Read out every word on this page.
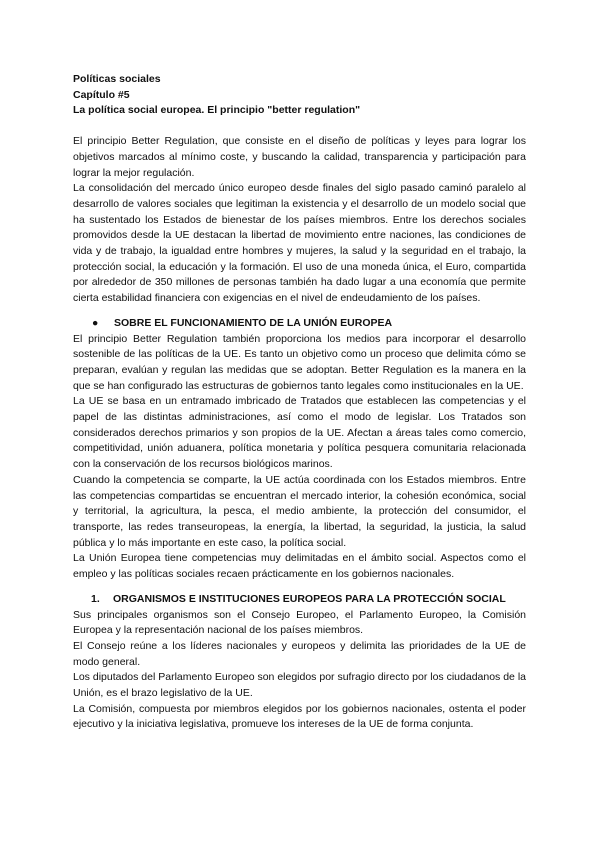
Políticas sociales
Capítulo #5
La política social europea. El principio "better regulation"

El principio Better Regulation, que consiste en el diseño de políticas y leyes para lograr los objetivos marcados al mínimo coste, y buscando la calidad, transparencia y participación para lograr la mejor regulación.

La consolidación del mercado único europeo desde finales del siglo pasado caminó paralelo al desarrollo de valores sociales que legitiman la existencia y el desarrollo de un modelo social que ha sustentado los Estados de bienestar de los países miembros. Entre los derechos sociales promovidos desde la UE destacan la libertad de movimiento entre naciones, las condiciones de vida y de trabajo, la igualdad entre hombres y mujeres, la salud y la seguridad en el trabajo, la protección social, la educación y la formación. El uso de una moneda única, el Euro, compartida por alrededor de 350 millones de personas también ha dado lugar a una economía que permite cierta estabilidad financiera con exigencias en el nivel de endeudamiento de los países.

●	SOBRE EL FUNCIONAMIENTO DE LA UNIÓN EUROPEA

El principio Better Regulation también proporciona los medios para incorporar el desarrollo sostenible de las políticas de la UE. Es tanto un objetivo como un proceso que delimita cómo se preparan, evalúan y regulan las medidas que se adoptan. Better Regulation es la manera en la que se han configurado las estructuras de gobiernos tanto legales como institucionales en la UE.

La UE se basa en un entramado imbricado de Tratados que establecen las competencias y el papel de las distintas administraciones, así como el modo de legislar. Los Tratados son considerados derechos primarios y son propios de la UE. Afectan a áreas tales como comercio, competitividad, unión aduanera, política monetaria y política pesquera comunitaria relacionada con la conservación de los recursos biológicos marinos.

Cuando la competencia se comparte, la UE actúa coordinada con los Estados miembros. Entre las competencias compartidas se encuentran el mercado interior, la cohesión económica, social y territorial, la agricultura, la pesca, el medio ambiente, la protección del consumidor, el transporte, las redes transeuropeas, la energía, la libertad, la seguridad, la justicia, la salud pública y lo más importante en este caso, la política social.

La Unión Europea tiene competencias muy delimitadas en el ámbito social. Aspectos como el empleo y las políticas sociales recaen prácticamente en los gobiernos nacionales.

1.	ORGANISMOS E INSTITUCIONES EUROPEOS PARA LA PROTECCIÓN SOCIAL

Sus principales organismos son el Consejo Europeo, el Parlamento Europeo, la Comisión Europea y la representación nacional de los países miembros.

El Consejo reúne a los líderes nacionales y europeos y delimita las prioridades de la UE de modo general.

Los diputados del Parlamento Europeo son elegidos por sufragio directo por los ciudadanos de la Unión, es el brazo legislativo de la UE.

La Comisión, compuesta por miembros elegidos por los gobiernos nacionales, ostenta el poder ejecutivo y la iniciativa legislativa, promueve los intereses de la UE de forma conjunta.
